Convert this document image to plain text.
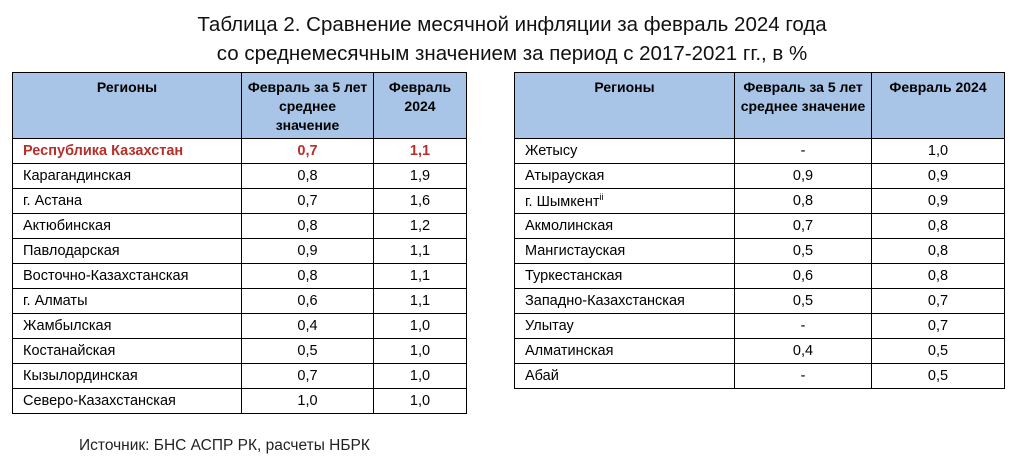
Таблица 2. Сравнение месячной инфляции за февраль 2024 года
со среднемесячным значением за период с 2017-2021 гг., в %
Регионы	Февраль за 5 лет среднее значение	Февраль 2024
Республика Казахстан	0,7	1,1
Карагандинская	0,8	1,9
г. Астана	0,7	1,6
Актюбинская	0,8	1,2
Павлодарская	0,9	1,1
Восточно-Казахстанская	0,8	1,1
г. Алматы	0,6	1,1
Жамбылская	0,4	1,0
Костанайская	0,5	1,0
Кызылординская	0,7	1,0
Северо-Казахстанская	1,0	1,0
Регионы	Февраль за 5 лет среднее значение	Февраль 2024
Жетысу	-	1,0
Атырауская	0,9	0,9
г. Шымкент$^{ii}$	0,8	0,9
Акмолинская	0,7	0,8
Мангистауская	0,5	0,8
Туркестанская	0,6	0,8
Западно-Казахстанская	0,5	0,7
Улытау	-	0,7
Алматинская	0,4	0,5
Абай	-	0,5
Источник: БНС АСПР РК, расчеты НБРК
